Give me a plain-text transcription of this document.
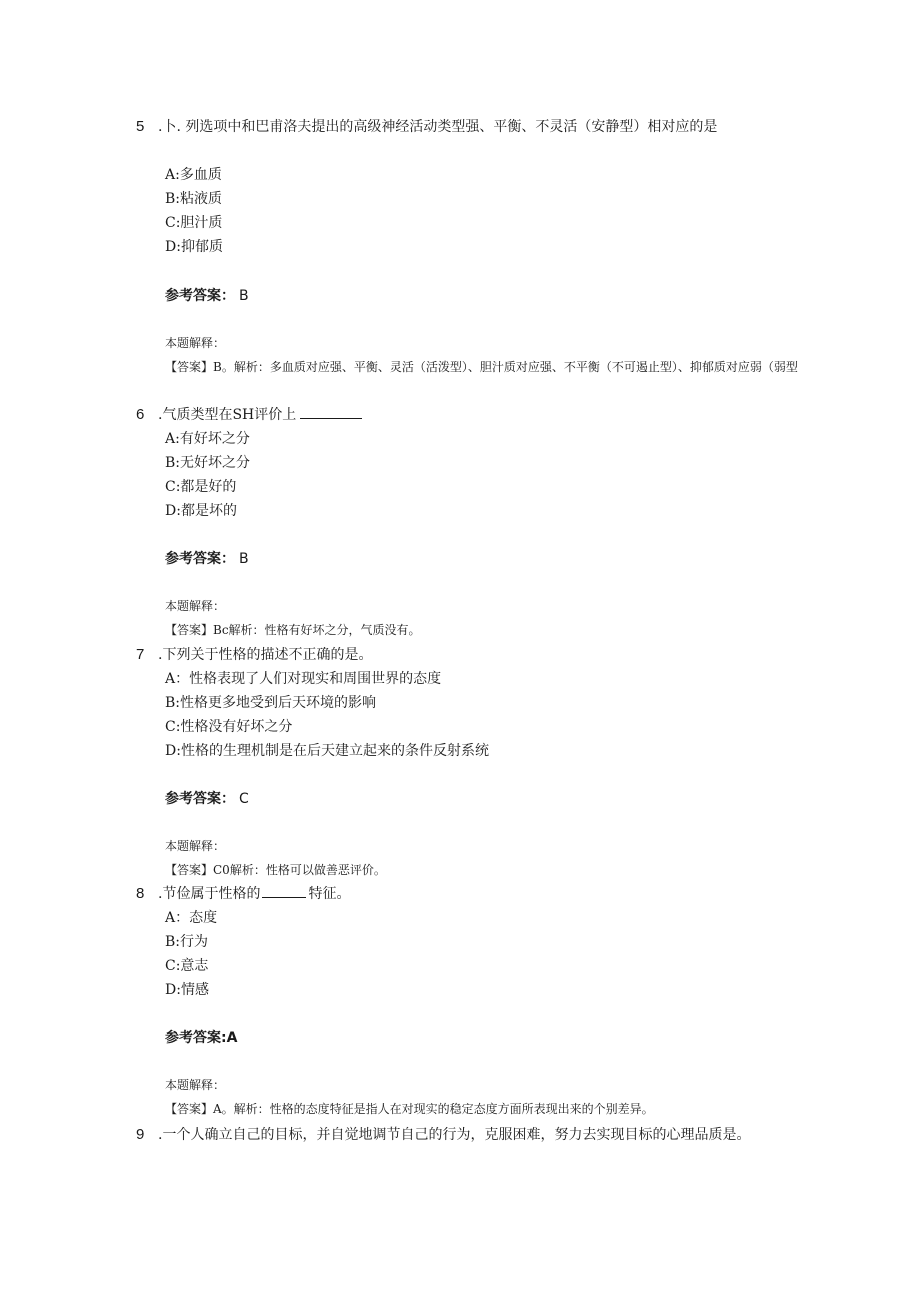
5 .卜. 列选项中和巴甫洛夫提出的高级神经活动类型强、平衡、不灵活（安静型）相对应的是
A:多血质
B:粘液质
C:胆汁质
D:抑郁质
参考答案： B
本题解释：
【答案】B。解析：多血质对应强、平衡、灵活（活泼型）、胆汁质对应强、不平衡（不可遏止型）、抑郁质对应弱（弱型
6 .气质类型在SH评价上
A:有好坏之分
B:无好坏之分
C:都是好的
D:都是坏的
参考答案： B
本题解释：
【答案】Bc解析：性格有好坏之分，气质没有。
7 .下列关于性格的描述不正确的是。
A：性格表现了人们对现实和周围世界的态度
B:性格更多地受到后天环境的影响
C:性格没有好坏之分
D:性格的生理机制是在后天建立起来的条件反射系统
参考答案： C
本题解释：
【答案】C0解析：性格可以做善恶评价。
8 .节俭属于性格的	特征。
A：态度
B:行为
C:意志
D:情感
参考答案:A
本题解释：
【答案】A。解析：性格的态度特征是指人在对现实的稳定态度方面所表现出来的个别差异。
9 .一个人确立自己的目标，并自觉地调节自己的行为，克服困难，努力去实现目标的心理品质是。
